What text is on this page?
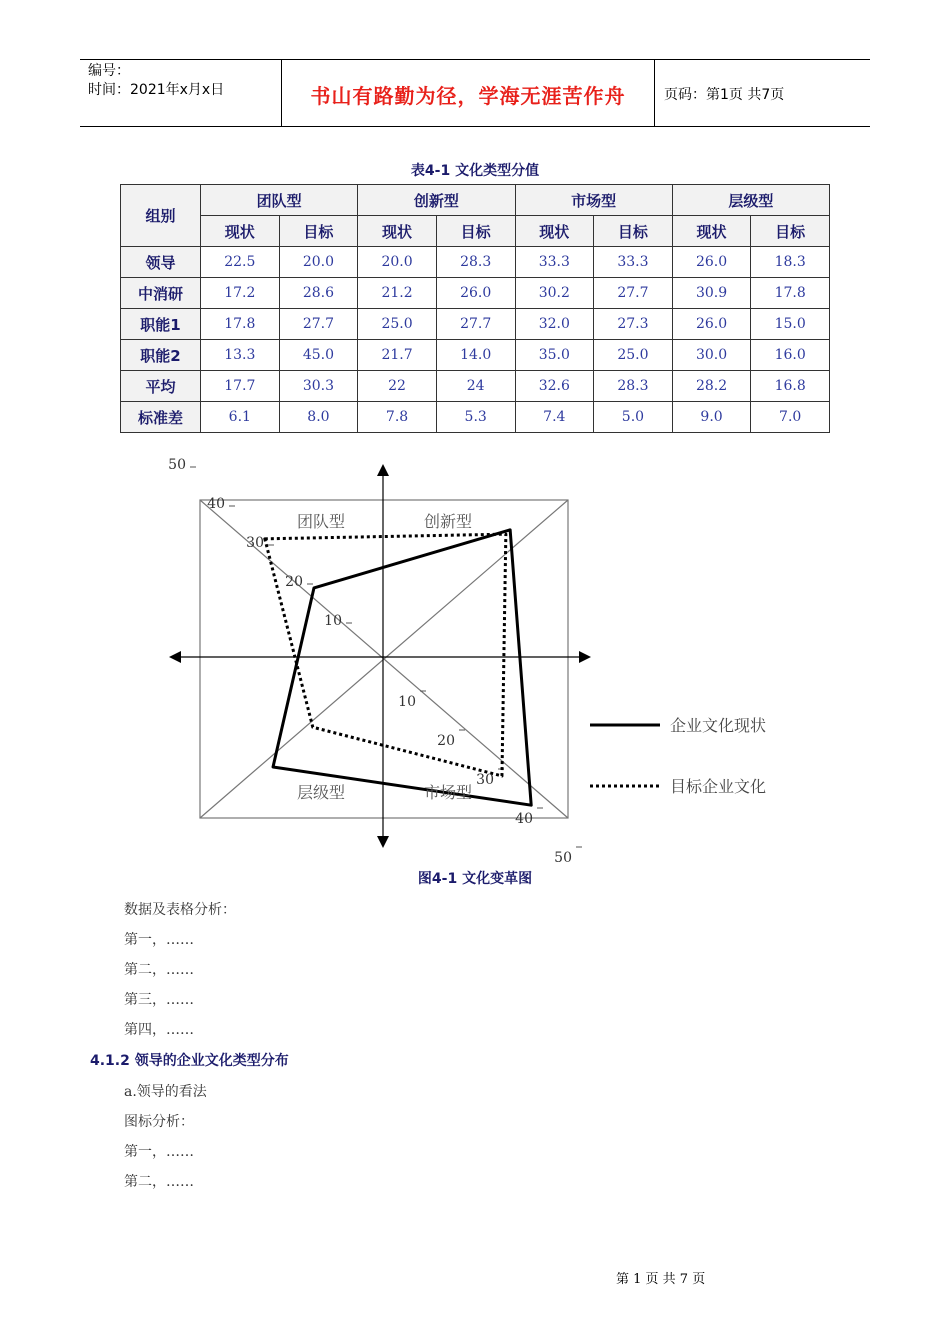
编号：
时间：2021年x月x日	书山有路勤为径，学海无涯苦作舟	页码：第1页 共7页
表4-1 文化类型分值
组别	团队型		创新型		市场型		层级型	
	现状	目标	现状	目标	现状	目标	现状	目标
领导	22.5	20.0	20.0	28.3	33.3	33.3	26.0	18.3
中消研	17.2	28.6	21.2	26.0	30.2	27.7	30.9	17.8
职能1	17.8	27.7	25.0	27.7	32.0	27.3	26.0	15.0
职能2	13.3	45.0	21.7	14.0	35.0	25.0	30.0	16.0
平均	17.7	30.3	22	24	32.6	28.3	28.2	16.8
标准差	6.1	8.0	7.8	5.3	7.4	5.0	9.0	7.0
团队型	创新型
层级型	市场型
10
20
30
40
50
10
20
30
40
50
企业文化现状
目标企业文化
图4-1 文化变革图
数据及表格分析：
第一，……
第二，……
第三，……
第四，……
4.1.2 领导的企业文化类型分布
a.领导的看法
图标分析：
第一，……
第二，……
第 1 页 共 7 页
